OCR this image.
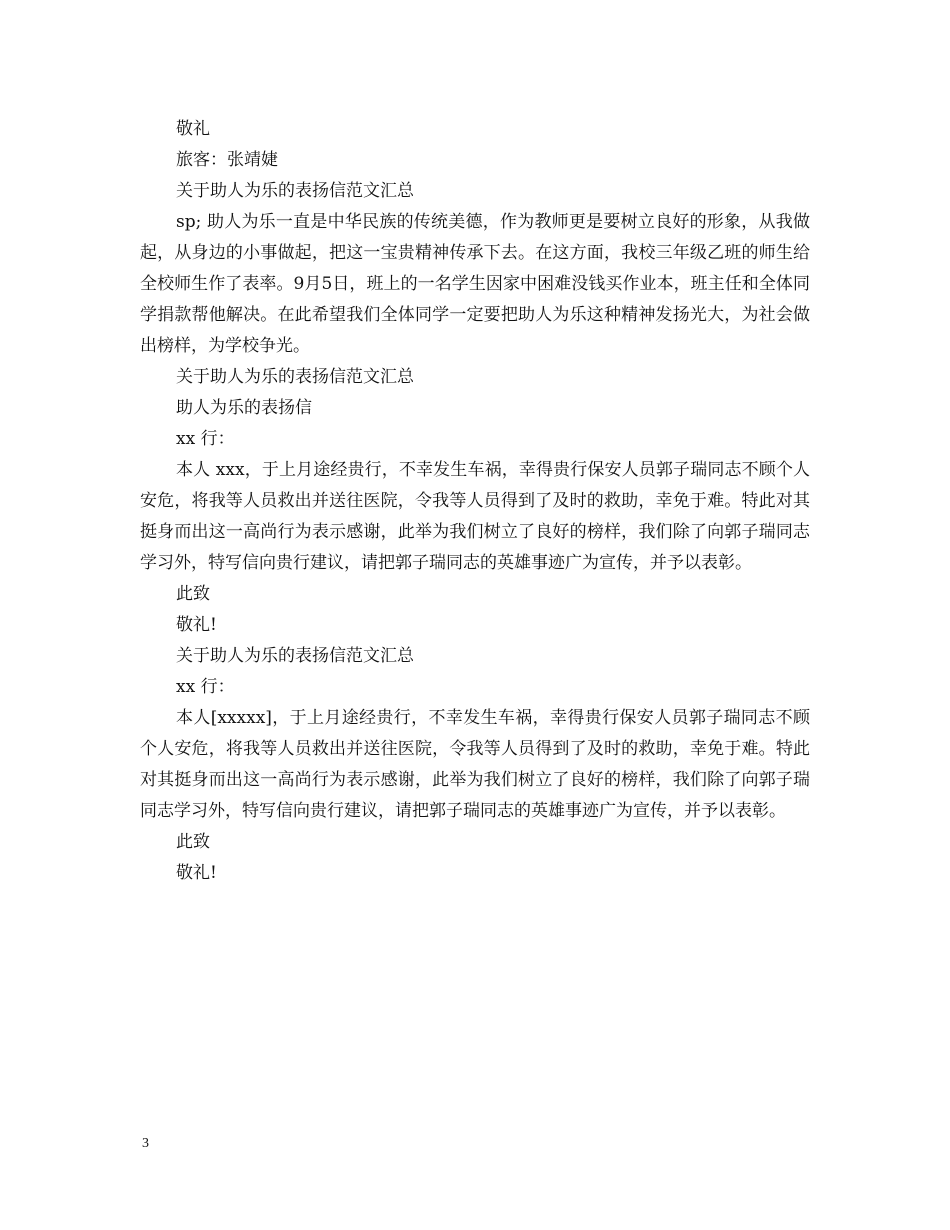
敬礼
旅客：张靖婕
关于助人为乐的表扬信范文汇总

sp; 助人为乐一直是中华民族的传统美德，作为教师更是要树立良好的形象，从我做起，从身边的小事做起，把这一宝贵精神传承下去。在这方面，我校三年级乙班的师生给全校师生作了表率。9月5日，班上的一名学生因家中困难没钱买作业本，班主任和全体同学捐款帮他解决。在此希望我们全体同学一定要把助人为乐这种精神发扬光大，为社会做出榜样，为学校争光。

关于助人为乐的表扬信范文汇总
助人为乐的表扬信
xx 行：

本人 xxx，于上月途经贵行，不幸发生车祸，幸得贵行保安人员郭子瑞同志不顾个人安危，将我等人员救出并送往医院，令我等人员得到了及时的救助，幸免于难。特此对其挺身而出这一高尚行为表示感谢，此举为我们树立了良好的榜样，我们除了向郭子瑞同志学习外，特写信向贵行建议，请把郭子瑞同志的英雄事迹广为宣传，并予以表彰。

此致
敬礼!
关于助人为乐的表扬信范文汇总
xx 行：

本人[xxxxx]，于上月途经贵行，不幸发生车祸，幸得贵行保安人员郭子瑞同志不顾个人安危，将我等人员救出并送往医院，令我等人员得到了及时的救助，幸免于难。特此对其挺身而出这一高尚行为表示感谢，此举为我们树立了良好的榜样，我们除了向郭子瑞同志学习外，特写信向贵行建议，请把郭子瑞同志的英雄事迹广为宣传，并予以表彰。

此致
敬礼!
3
